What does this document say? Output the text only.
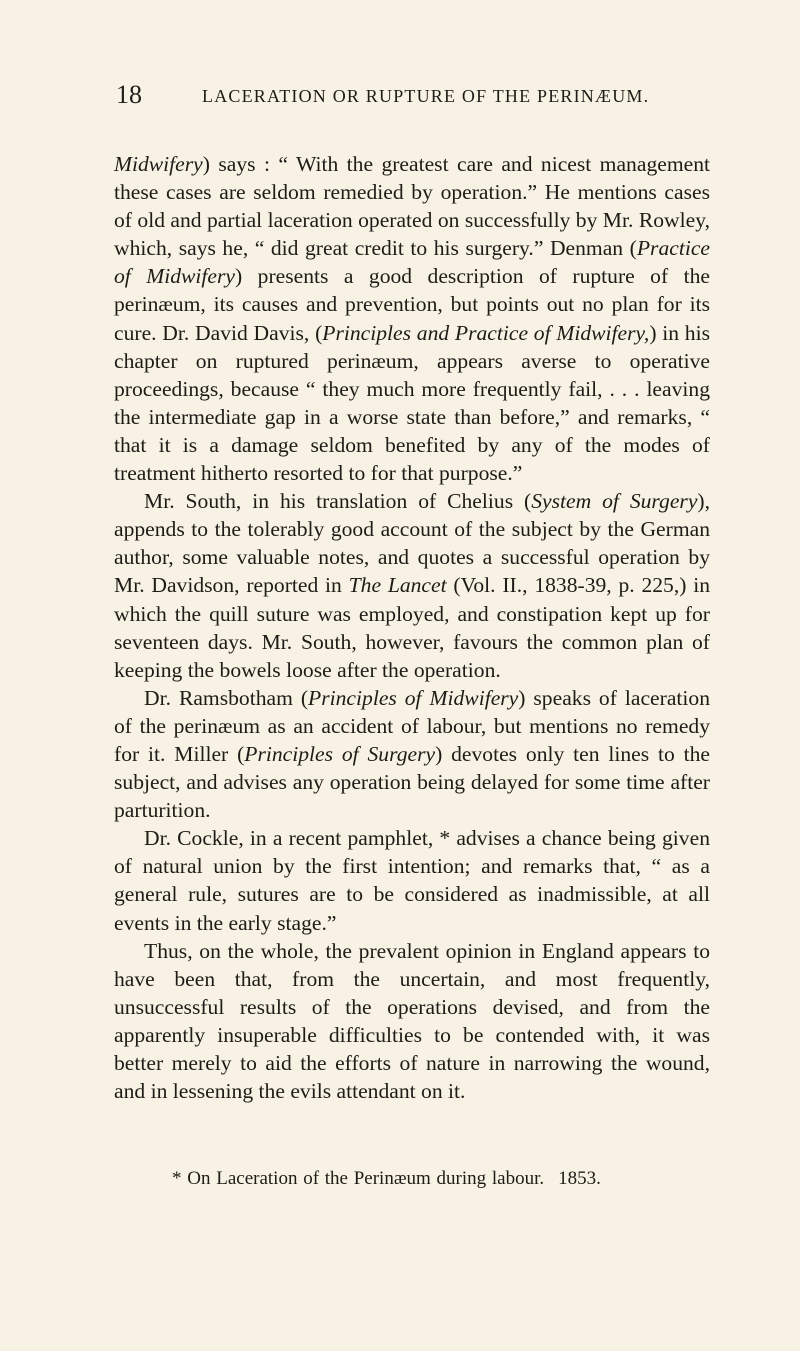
18	LACERATION OR RUPTURE OF THE PERINÆUM.

Midwifery) says : “ With the greatest care and nicest management these cases are seldom remedied by operation.” He mentions cases of old and partial laceration operated on successfully by Mr. Rowley, which, says he, “ did great credit to his surgery.” Denman (Practice of Midwifery) presents a good description of rupture of the perinæum, its causes and prevention, but points out no plan for its cure. Dr. David Davis, (Principles and Practice of Midwifery,) in his chapter on ruptured perinæum, appears averse to operative proceedings, because “ they much more frequently fail, . . . leaving the intermediate gap in a worse state than before,” and remarks, “ that it is a damage seldom benefited by any of the modes of treatment hitherto resorted to for that purpose.”

Mr. South, in his translation of Chelius (System of Surgery), appends to the tolerably good account of the subject by the German author, some valuable notes, and quotes a successful operation by Mr. Davidson, reported in The Lancet (Vol. II., 1838-39, p. 225,) in which the quill suture was employed, and constipation kept up for seventeen days. Mr. South, however, favours the common plan of keeping the bowels loose after the operation.

Dr. Ramsbotham (Principles of Midwifery) speaks of laceration of the perinæum as an accident of labour, but mentions no remedy for it. Miller (Principles of Surgery) devotes only ten lines to the subject, and advises any operation being delayed for some time after parturition.

Dr. Cockle, in a recent pamphlet, * advises a chance being given of natural union by the first intention; and remarks that, “ as a general rule, sutures are to be considered as inadmissible, at all events in the early stage.”

Thus, on the whole, the prevalent opinion in England appears to have been that, from the uncertain, and most frequently, unsuccessful results of the operations devised, and from the apparently insuperable difficulties to be contended with, it was better merely to aid the efforts of nature in narrowing the wound, and in lessening the evils attendant on it.

* On Laceration of the Perinæum during labour. 1853.
